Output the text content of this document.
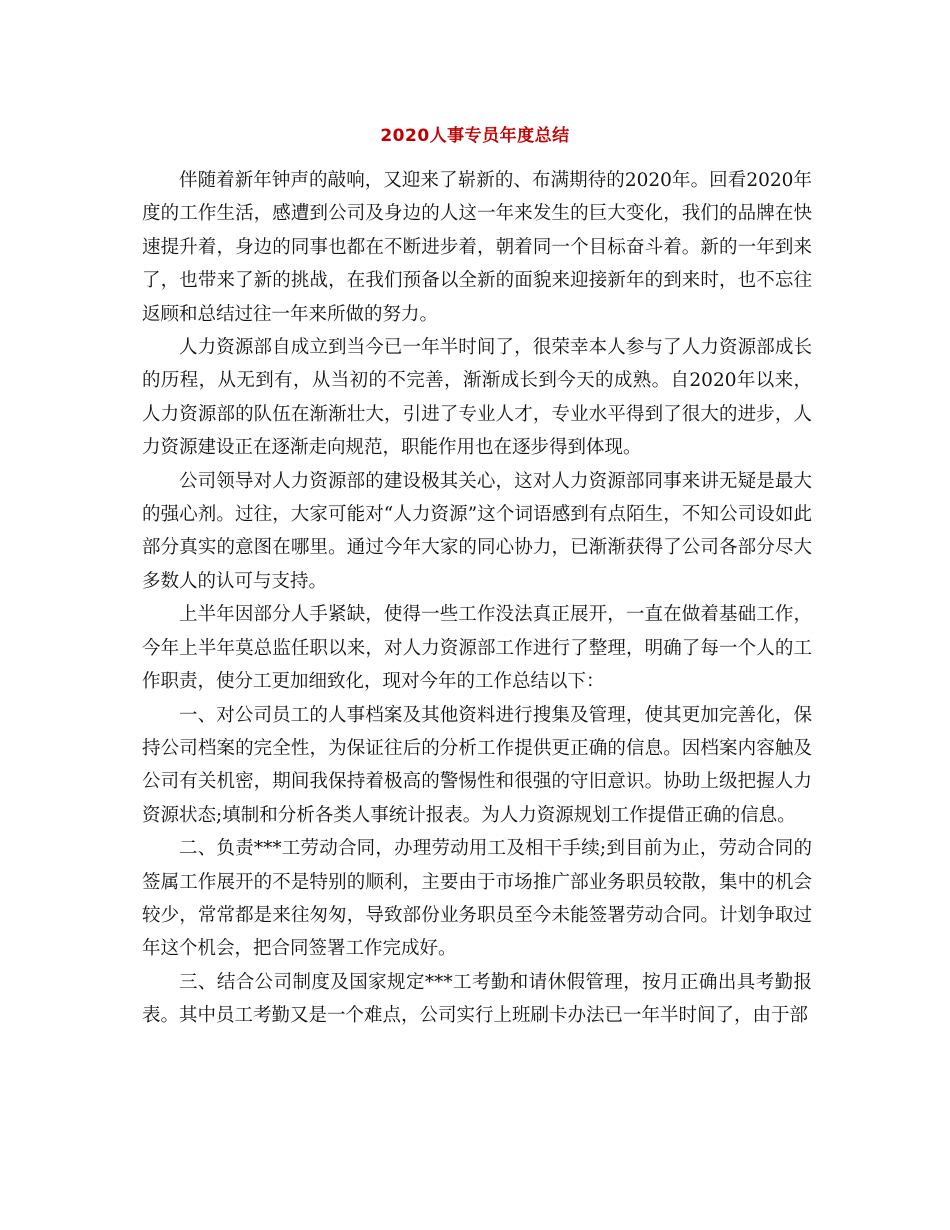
2020人事专员年度总结

伴随着新年钟声的敲响，又迎来了崭新的、布满期待的2020年。回看2020年度的工作生活，感遭到公司及身边的人这一年来发生的巨大变化，我们的品牌在快速提升着，身边的同事也都在不断进步着，朝着同一个目标奋斗着。新的一年到来了，也带来了新的挑战，在我们预备以全新的面貌来迎接新年的到来时，也不忘往返顾和总结过往一年来所做的努力。

人力资源部自成立到当今已一年半时间了，很荣幸本人参与了人力资源部成长的历程，从无到有，从当初的不完善，渐渐成长到今天的成熟。自2020年以来，人力资源部的队伍在渐渐壮大，引进了专业人才，专业水平得到了很大的进步，人力资源建设正在逐渐走向规范，职能作用也在逐步得到体现。

公司领导对人力资源部的建设极其关心，这对人力资源部同事来讲无疑是最大的强心剂。过往，大家可能对“人力资源”这个词语感到有点陌生，不知公司设如此部分真实的意图在哪里。通过今年大家的同心协力，已渐渐获得了公司各部分尽大多数人的认可与支持。

上半年因部分人手紧缺，使得一些工作没法真正展开，一直在做着基础工作，今年上半年莫总监任职以来，对人力资源部工作进行了整理，明确了每一个人的工作职责，使分工更加细致化，现对今年的工作总结以下：

一、对公司员工的人事档案及其他资料进行搜集及管理，使其更加完善化，保持公司档案的完全性，为保证往后的分析工作提供更正确的信息。因档案内容触及公司有关机密，期间我保持着极高的警惕性和很强的守旧意识。协助上级把握人力资源状态;填制和分析各类人事统计报表。为人力资源规划工作提借正确的信息。

二、负责***工劳动合同，办理劳动用工及相干手续;到目前为止，劳动合同的签属工作展开的不是特别的顺利，主要由于市场推广部业务职员较散，集中的机会较少，常常都是来往匆匆，导致部份业务职员至今未能签署劳动合同。计划争取过年这个机会，把合同签署工作完成好。

三、结合公司制度及国家规定***工考勤和请休假管理，按月正确出具考勤报表。其中员工考勤又是一个难点，公司实行上班刷卡办法已一年半时间了，由于部
